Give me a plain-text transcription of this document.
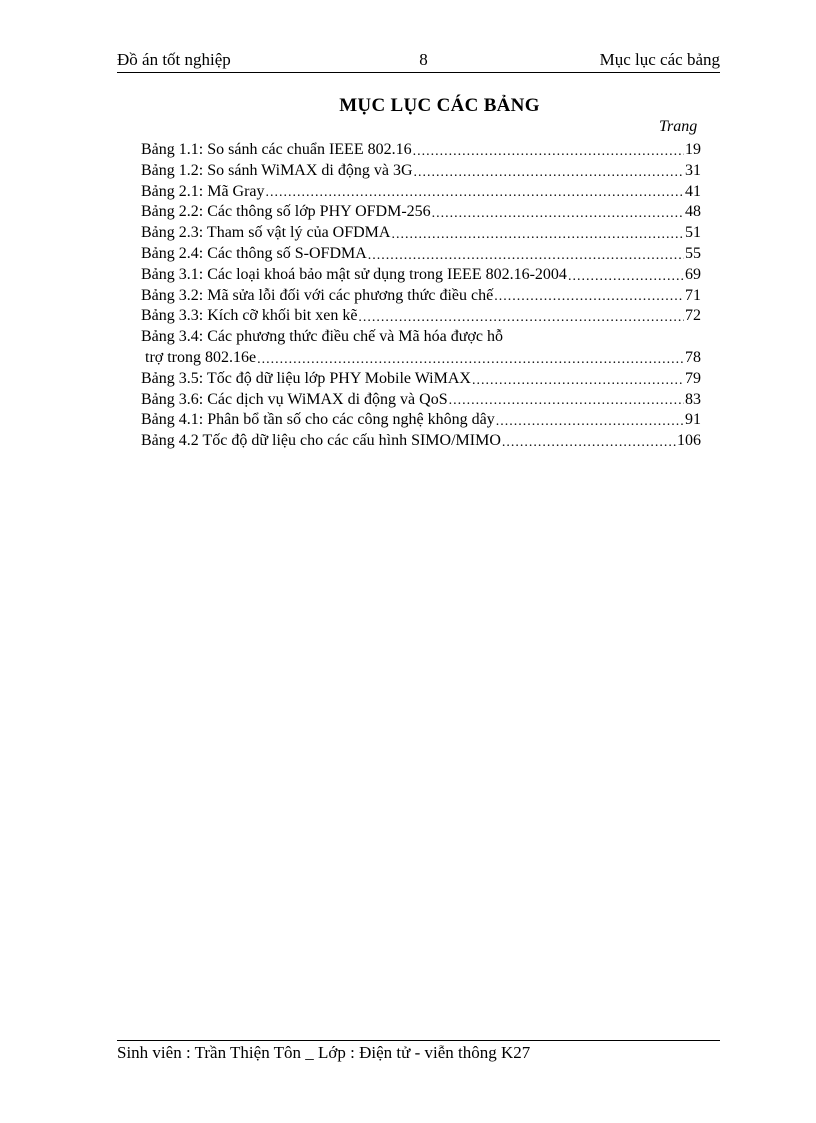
Đồ án tốt nghiệp	8	Mục lục các bảng
MỤC LỤC CÁC BẢNG
Trang
Bảng 1.1: So sánh các chuẩn IEEE 802.16 .....	19
Bảng 1.2: So sánh WiMAX di động và 3G .....	31
Bảng 2.1: Mã Gray .....	41
Bảng 2.2: Các thông số lớp PHY OFDM-256 .....	48
Bảng 2.3: Tham số vật lý của OFDMA .....	51
Bảng 2.4: Các thông số S-OFDMA .....	55
Bảng 3.1: Các loại khoá bảo mật sử dụng trong IEEE 802.16-2004 .....	69
Bảng 3.2: Mã sửa lỗi đối với các phương thức điều chế .....	71
Bảng 3.3: Kích cỡ khối bit xen kẽ .....	72
Bảng 3.4: Các phương thức điều chế và Mã hóa được hỗ
trợ trong 802.16e .....	78
Bảng 3.5: Tốc độ dữ liệu lớp PHY Mobile WiMAX .....	79
Bảng 3.6: Các dịch vụ WiMAX di động và QoS .....	83
Bảng 4.1: Phân bổ tần số cho các công nghệ không dây .....	91
Bảng 4.2 Tốc độ dữ liệu cho các cấu hình SIMO/MIMO .....	106
Sinh viên : Trần Thiện Tôn _ Lớp : Điện tử - viễn thông K27
